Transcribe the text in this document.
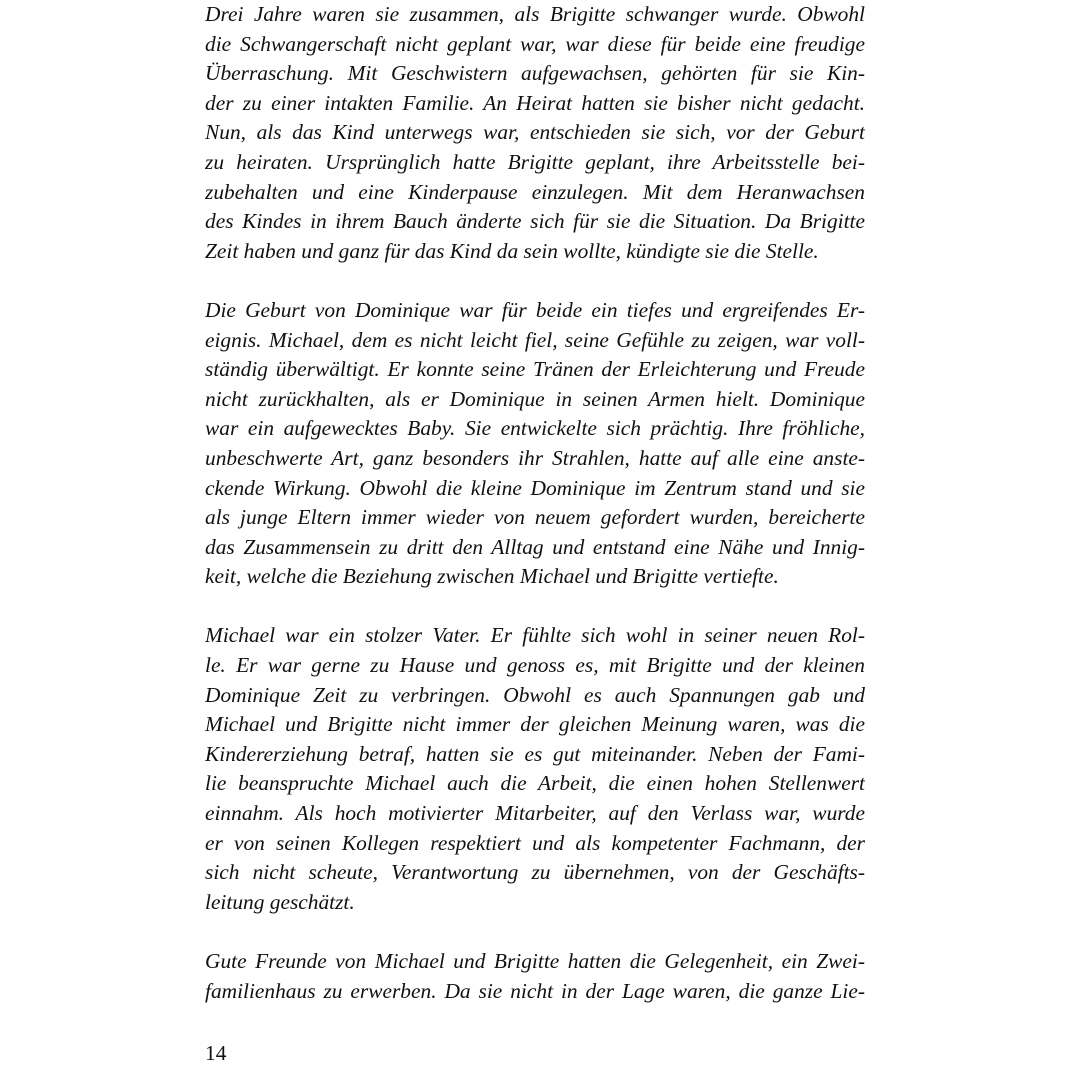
Drei Jahre waren sie zusammen, als Brigitte schwanger wurde. Obwohl
die Schwangerschaft nicht geplant war, war diese für beide eine freudige
Überraschung. Mit Geschwistern aufgewachsen, gehörten für sie Kin-
der zu einer intakten Familie. An Heirat hatten sie bisher nicht gedacht.
Nun, als das Kind unterwegs war, entschieden sie sich, vor der Geburt
zu heiraten. Ursprünglich hatte Brigitte geplant, ihre Arbeitsstelle bei-
zubehalten und eine Kinderpause einzulegen. Mit dem Heranwachsen
des Kindes in ihrem Bauch änderte sich für sie die Situation. Da Brigitte
Zeit haben und ganz für das Kind da sein wollte, kündigte sie die Stelle.
Die Geburt von Dominique war für beide ein tiefes und ergreifendes Er-
eignis. Michael, dem es nicht leicht fiel, seine Gefühle zu zeigen, war voll-
ständig überwältigt. Er konnte seine Tränen der Erleichterung und Freude
nicht zurückhalten, als er Dominique in seinen Armen hielt. Dominique
war ein aufgewecktes Baby. Sie entwickelte sich prächtig. Ihre fröhliche,
unbeschwerte Art, ganz besonders ihr Strahlen, hatte auf alle eine anste-
ckende Wirkung. Obwohl die kleine Dominique im Zentrum stand und sie
als junge Eltern immer wieder von neuem gefordert wurden, bereicherte
das Zusammensein zu dritt den Alltag und entstand eine Nähe und Innig-
keit, welche die Beziehung zwischen Michael und Brigitte vertiefte.
Michael war ein stolzer Vater. Er fühlte sich wohl in seiner neuen Rol-
le. Er war gerne zu Hause und genoss es, mit Brigitte und der kleinen
Dominique Zeit zu verbringen. Obwohl es auch Spannungen gab und
Michael und Brigitte nicht immer der gleichen Meinung waren, was die
Kindererziehung betraf, hatten sie es gut miteinander. Neben der Fami-
lie beanspruchte Michael auch die Arbeit, die einen hohen Stellenwert
einnahm. Als hoch motivierter Mitarbeiter, auf den Verlass war, wurde
er von seinen Kollegen respektiert und als kompetenter Fachmann, der
sich nicht scheute, Verantwortung zu übernehmen, von der Geschäfts-
leitung geschätzt.
Gute Freunde von Michael und Brigitte hatten die Gelegenheit, ein Zwei-
familienhaus zu erwerben. Da sie nicht in der Lage waren, die ganze Lie-
14
